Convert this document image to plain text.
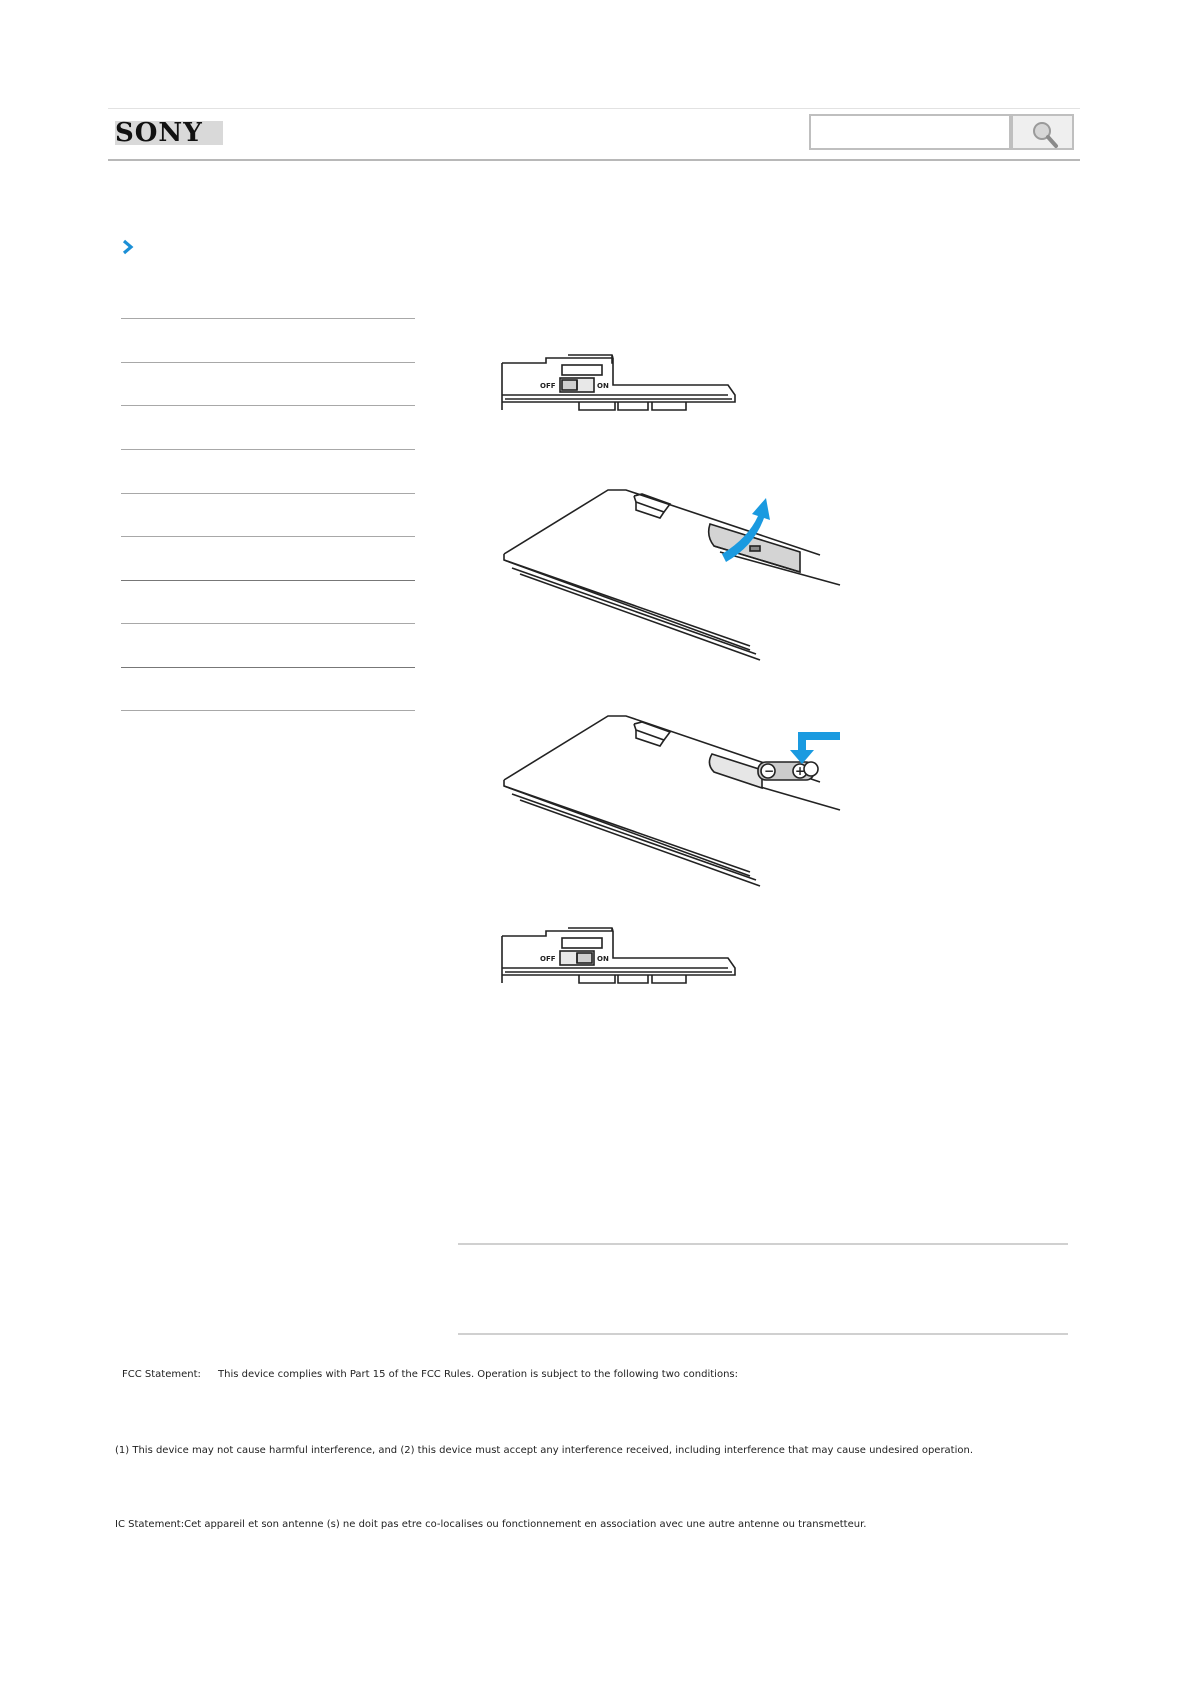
SONY
OFF	ON
− +
OFF	ON
FCC Statement: This device complies with Part 15 of the FCC Rules. Operation is subject to the following two conditions:
(1) This device may not cause harmful interference, and (2) this device must accept any interference received, including interference that may cause undesired operation.
IC Statement:Cet appareil et son antenne (s) ne doit pas etre co-localises ou fonctionnement en association avec une autre antenne ou transmetteur.
